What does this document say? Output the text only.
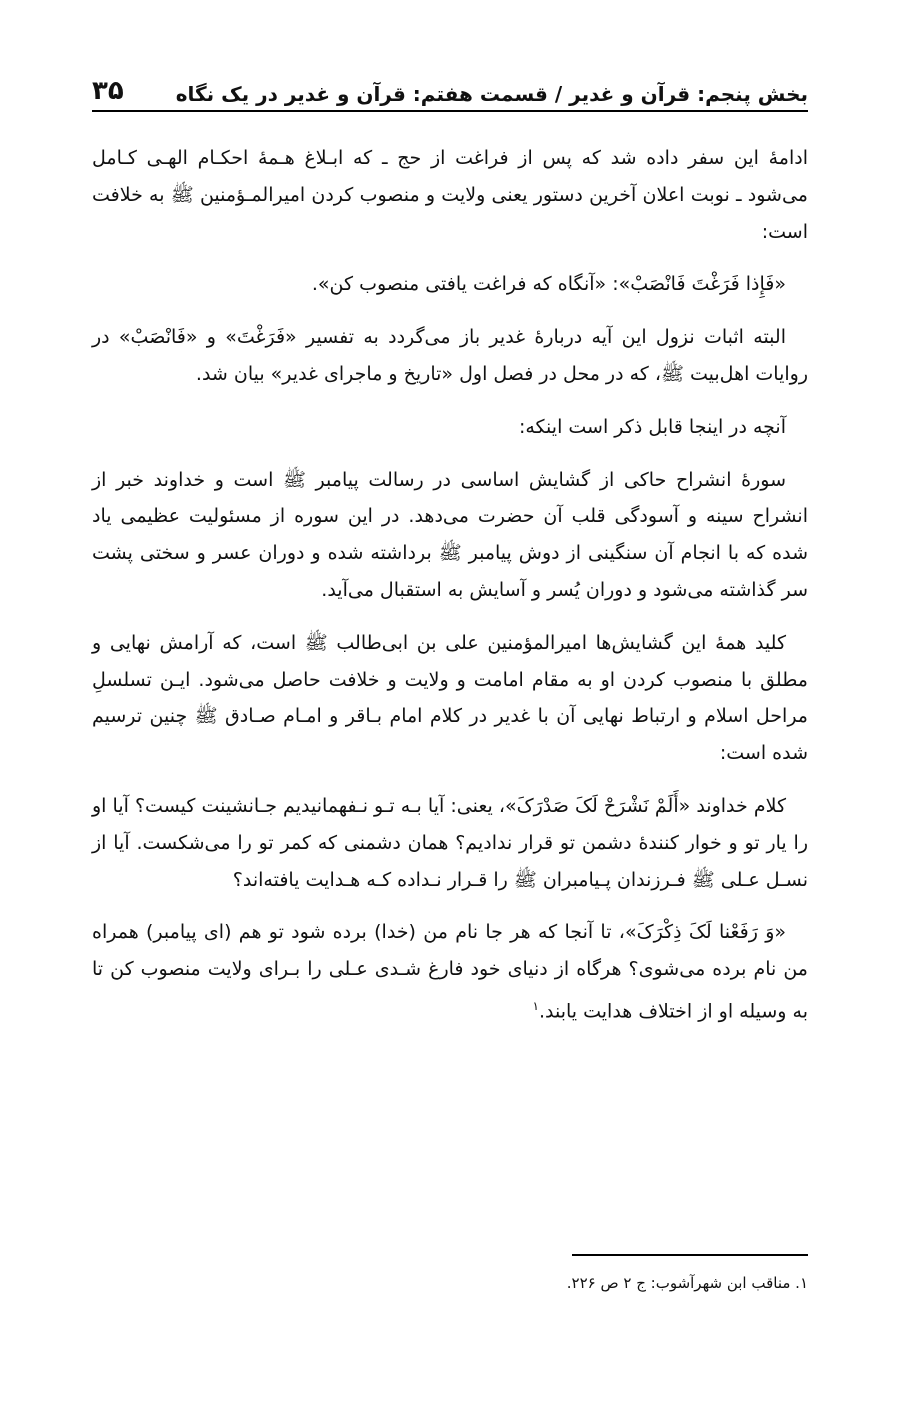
بخش پنجم: قرآن و غدیر / قسمت هفتم: قرآن و غدیر در یک نگاه
۳۵

ادامهٔ این سفر داده شد که پس از فراغت از حج ـ که ابـلاغ هـمهٔ احکـام الهـی کـامل می‌شود ـ نوبت اعلان آخرین دستور یعنی ولایت و منصوب کردن امیرالمـؤمنین ﷺ به خلافت است:

«فَإِذا فَرَغْتَ فَانْصَبْ»: «آنگاه که فراغت یافتی منصوب کن».

البته اثبات نزول این آیه دربارهٔ غدیر باز می‌گردد به تفسیر «فَرَغْتَ» و «فَانْصَبْ» در روایات اهل‌بیت ﷺ، که در محل در فصل اول «تاریخ و ماجرای غدیر» بیان شد.

آنچه در اینجا قابل ذکر است اینکه:

سورهٔ انشراح حاکی از گشایش اساسی در رسالت پیامبر ﷺ است و خداوند خبر از انشراح سینه و آسودگی قلب آن حضرت می‌دهد. در این سوره از مسئولیت عظیمی یاد شده که با انجام آن سنگینی از دوش پیامبر ﷺ برداشته شده و دوران عسر و سختی پشت سر گذاشته می‌شود و دوران یُسر و آسایش به استقبال می‌آید.

کلید همهٔ این گشایش‌ها امیرالمؤمنین علی بن ابی‌طالب ﷺ است، که آرامش نهایی و مطلق با منصوب کردن او به مقام امامت و ولایت و خلافت حاصل می‌شود. ایـن تسلسلِ مراحل اسلام و ارتباط نهایی آن با غدیر در کلام امام بـاقر و امـام صـادق ﷺ چنین ترسیم شده است:

کلام خداوند «أَلَمْ نَشْرَحْ لَکَ صَدْرَکَ»، یعنی: آیا بـه تـو نـفهمانیدیم جـانشینت کیست؟ آیا او را یار تو و خوار کنندهٔ دشمن تو قرار ندادیم؟ همان دشمنی که کمر تو را می‌شکست. آیا از نسـل عـلی ﷺ فـرزندان پـیامبران ﷺ را قـرار نـداده کـه هـدایت یافته‌اند؟

«وَ رَفَعْنا لَکَ ذِکْرَکَ»، تا آنجا که هر جا نام من (خدا) برده شود تو هم (ای پیامبر) همراه من نام برده می‌شوی؟ هرگاه از دنیای خود فارغ شـدی عـلی را بـرای ولایت منصوب کن تا به وسیله او از اختلاف هدایت یابند.$^۱$

۱. مناقب ابن شهرآشوب: ج ۲ ص ۲۲۶.
